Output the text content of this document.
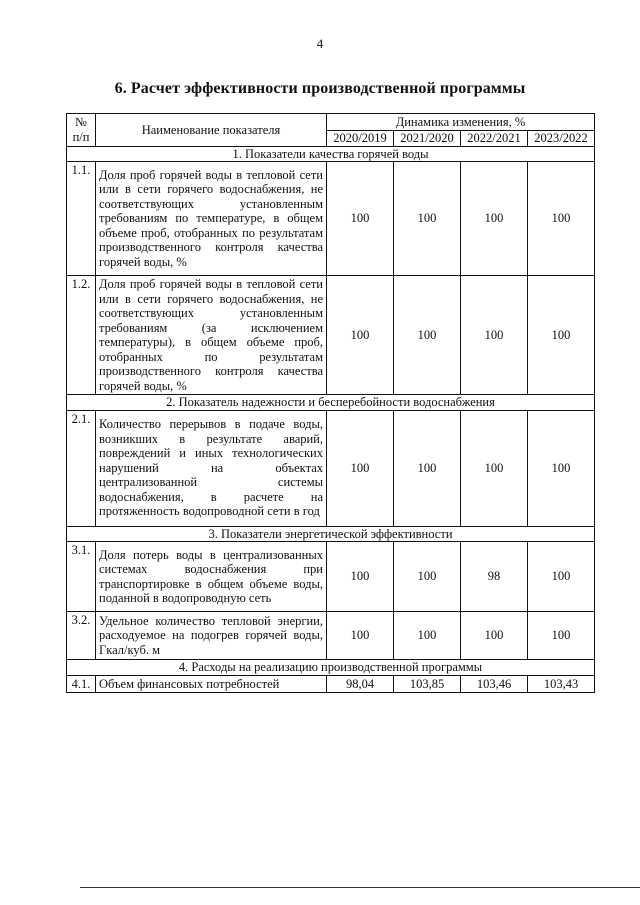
4
6. Расчет эффективности производственной программы
№
п/п	Наименование показателя	Динамика изменения, %			
		2020/2019	2021/2020	2022/2021	2023/2022
1. Показатели качества горячей воды					
1.1.	Доля проб горячей воды в тепловой сети или в сети горячего водоснабжения, не соответствующих установленным требованиям по температуре, в общем объеме проб, отобранных по результатам производственного контроля качества горячей воды, %	100	100	100	100
1.2.	Доля проб горячей воды в тепловой сети или в сети горячего водоснабжения, не соответствующих установленным требованиям (за исключением температуры), в общем объеме проб, отобранных по результатам производственного контроля качества горячей воды, %	100	100	100	100
2. Показатель надежности и бесперебойности водоснабжения					
2.1.	Количество перерывов в подаче воды, возникших в результате аварий, повреждений и иных технологических нарушений на объектах централизованной системы водоснабжения, в расчете на протяженность водопроводной сети в год	100	100	100	100
3. Показатели энергетической эффективности					
3.1.	Доля потерь воды в централизованных системах водоснабжения при транспортировке в общем объеме воды, поданной в водопроводную сеть	100	100	98	100
3.2.	Удельное количество тепловой энергии, расходуемое на подогрев горячей воды, Гкал/куб. м	100	100	100	100
4. Расходы на реализацию производственной программы					
4.1.	Объем финансовых потребностей	98,04	103,85	103,46	103,43
